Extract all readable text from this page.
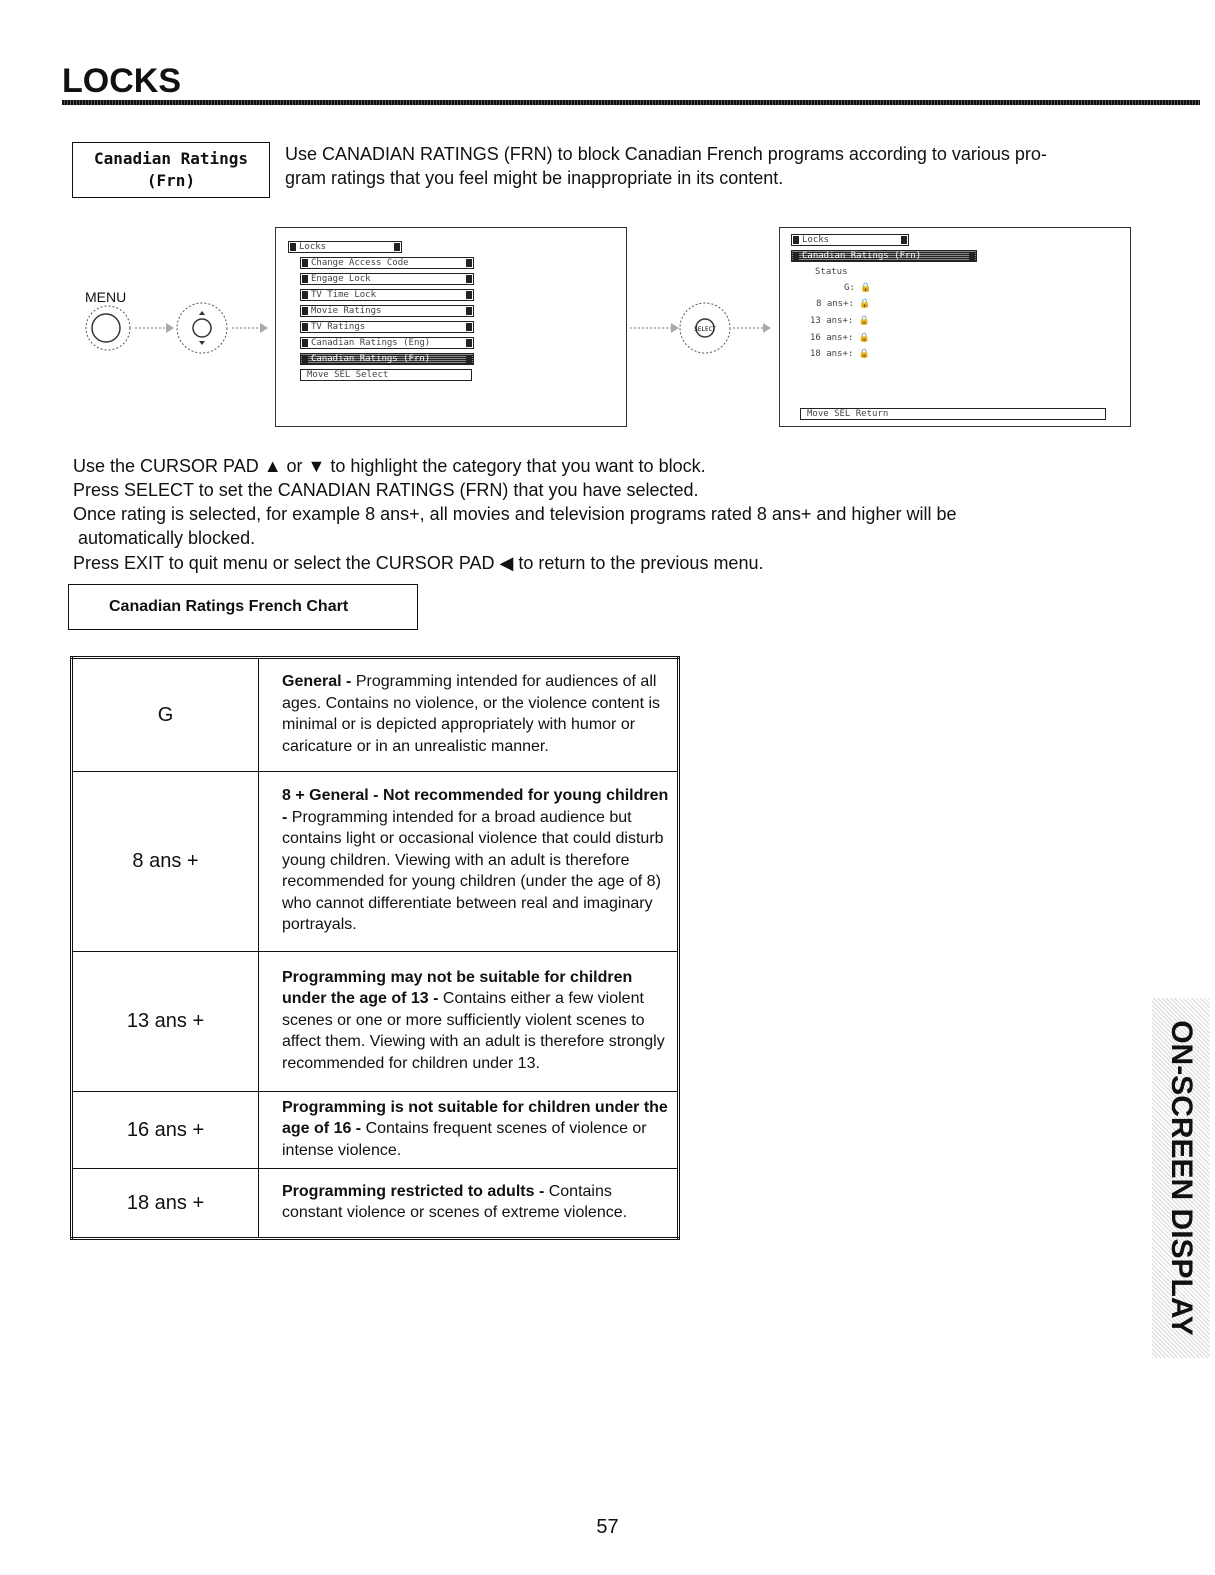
LOCKS
Canadian Ratings
(Frn)
Use CANADIAN RATINGS (FRN) to block Canadian French programs according to various pro-
gram ratings that you feel might be inappropriate in its content.
MENU
Locks
Change Access Code
Engage Lock
TV Time Lock
Movie Ratings
TV Ratings
Canadian Ratings (Eng)
Canadian Ratings (Frn)
Move SEL Select
SELECT
Locks
Canadian Ratings (Frn)
Status
G: 🔒
8 ans+: 🔒
13 ans+: 🔒
16 ans+: 🔒
18 ans+: 🔒
Move SEL Return
Use the CURSOR PAD ▲ or ▼ to highlight the category that you want to block.
Press SELECT to set the CANADIAN RATINGS (FRN) that you have selected.
Once rating is selected, for example 8 ans+, all movies and television programs rated 8 ans+ and higher will be
automatically blocked.
Press EXIT to quit menu or select the CURSOR PAD ◀ to return to the previous menu.
Canadian Ratings French Chart
G	General - Programming intended for audiences of all ages. Contains no violence, or the violence content is minimal or is depicted appropriately with humor or caricature or in an unrealistic manner.
8 ans +	8 + General - Not recommended for young children - Programming intended for a broad audience but contains light or occasional violence that could disturb young children. Viewing with an adult is therefore recommended for young children (under the age of 8) who cannot differentiate between real and imaginary portrayals.
13 ans +	Programming may not be suitable for children under the age of 13 - Contains either a few violent scenes or one or more sufficiently violent scenes to affect them. Viewing with an adult is therefore strongly recommended for children under 13.
16 ans +	Programming is not suitable for children under the age of 16 - Contains frequent scenes of violence or intense violence.
18 ans +	Programming restricted to adults - Contains constant violence or scenes of extreme violence.	ON-SCREEN DISPLAY
57
